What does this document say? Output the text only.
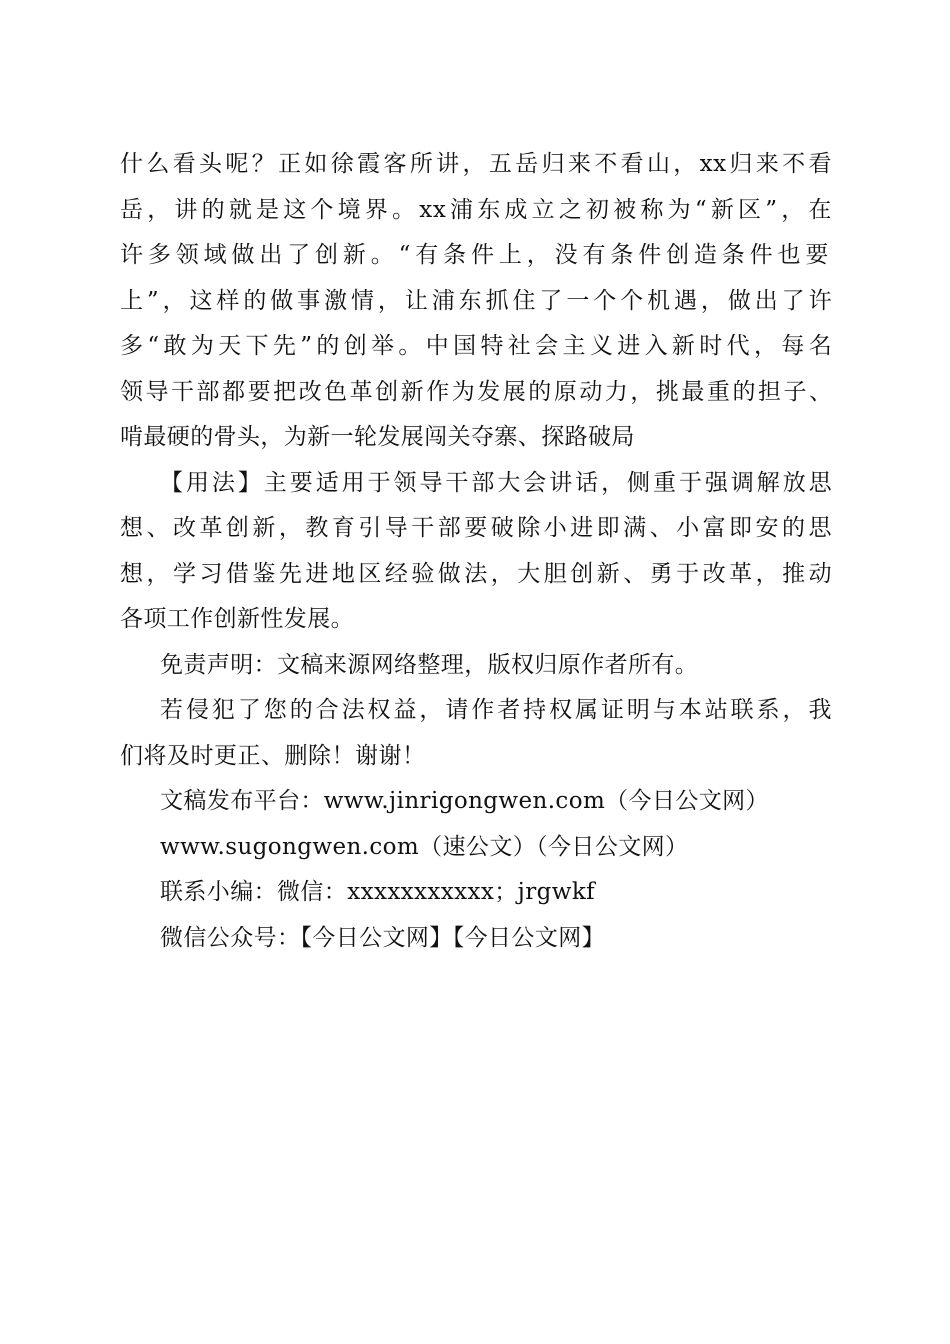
什么看头呢？正如徐霞客所讲，五岳归来不看山，xx归来不看
岳，讲的就是这个境界。xx浦东成立之初被称为“新区”，在
许多领域做出了创新。“有条件上，没有条件创造条件也要
上”，这样的做事激情，让浦东抓住了一个个机遇，做出了许
多“敢为天下先”的创举。中国特社会主义进入新时代，每名
领导干部都要把改色革创新作为发展的原动力，挑最重的担子、
啃最硬的骨头，为新一轮发展闯关夺寨、探路破局
【用法】主要适用于领导干部大会讲话，侧重于强调解放思
想、改革创新，教育引导干部要破除小进即满、小富即安的思
想，学习借鉴先进地区经验做法，大胆创新、勇于改革，推动
各项工作创新性发展。
免责声明：文稿来源网络整理，版权归原作者所有。
若侵犯了您的合法权益，请作者持权属证明与本站联系，我
们将及时更正、删除！谢谢！
文稿发布平台：www.jinrigongwen.com（今日公文网）
www.sugongwen.com（速公文）（今日公文网）
联系小编：微信：xxxxxxxxxxx；jrgwkf
微信公众号：【今日公文网】【今日公文网】
